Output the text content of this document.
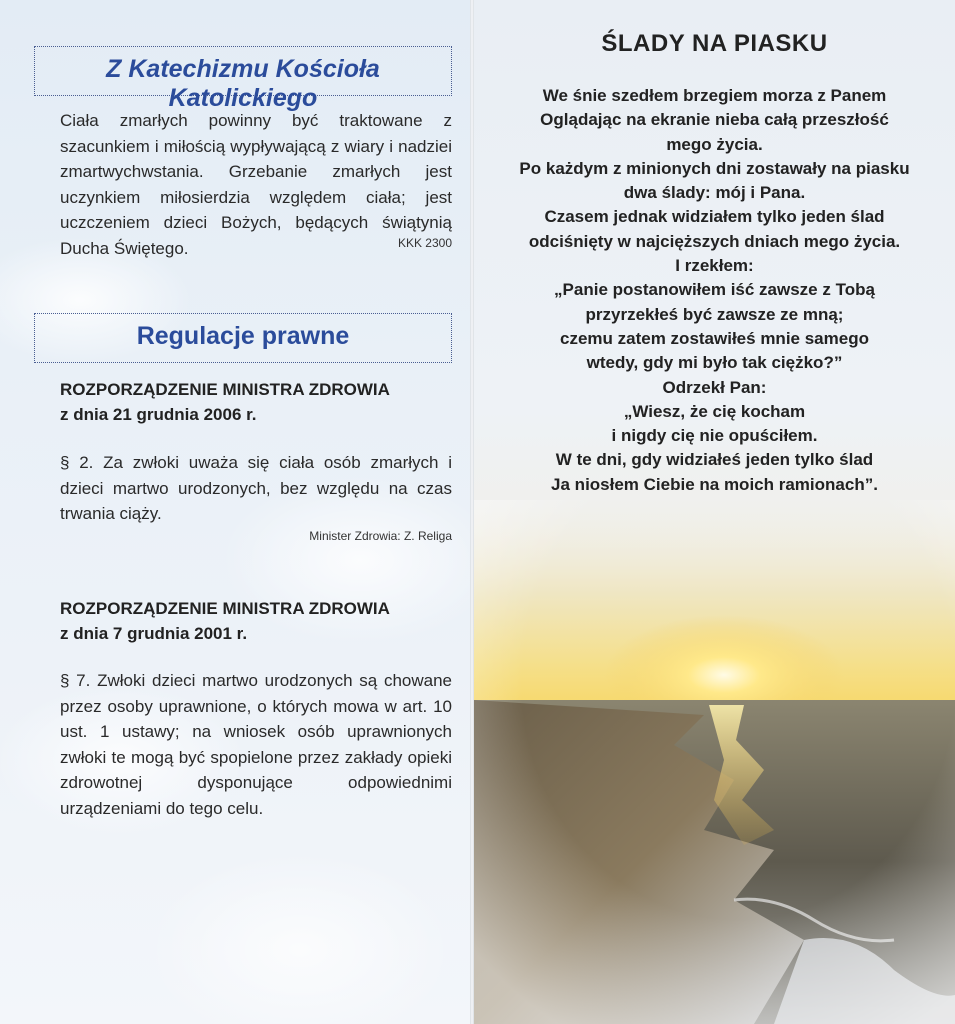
Z Katechizmu Kościoła Katolickiego

Ciała zmarłych powinny być traktowane z szacunkiem i miłością wypływającą z wiary i nadziei zmartwychwstania. Grzebanie zmarłych jest uczynkiem miłosierdzia względem ciała; jest uczczeniem dzieci Bożych, będących świątynią Ducha Świętego.	KKK 2300

Regulacje prawne
ROZPORZĄDZENIE MINISTRA ZDROWIA
z dnia 21 grudnia 2006 r.

§ 2. Za zwłoki uważa się ciała osób zmarłych i dzieci martwo urodzonych, bez względu na czas trwania ciąży.

Minister Zdrowia: Z. Religa

ROZPORZĄDZENIE MINISTRA ZDROWIA
z dnia 7 grudnia 2001 r.

§ 7. Zwłoki dzieci martwo urodzonych są chowane przez osoby uprawnione, o których mowa w art. 10 ust. 1 ustawy; na wniosek osób uprawnionych zwłoki te mogą być spopielone przez zakłady opieki zdrowotnej dysponujące odpowiednimi urządzeniami do tego celu.

ŚLADY NA PIASKU
We śnie szedłem brzegiem morza z Panem
Oglądając na ekranie nieba całą przeszłość
mego życia.
Po każdym z minionych dni zostawały na piasku
dwa ślady: mój i Pana.
Czasem jednak widziałem tylko jeden ślad
odciśnięty w najcięższych dniach mego życia.
I rzekłem:
„Panie postanowiłem iść zawsze z Tobą
przyrzekłeś być zawsze ze mną;
czemu zatem zostawiłeś mnie samego
wtedy, gdy mi było tak ciężko?”
Odrzekł Pan:
„Wiesz, że cię kocham
i nigdy cię nie opuściłem.
W te dni, gdy widziałeś jeden tylko ślad
Ja niosłem Ciebie na moich ramionach”.
